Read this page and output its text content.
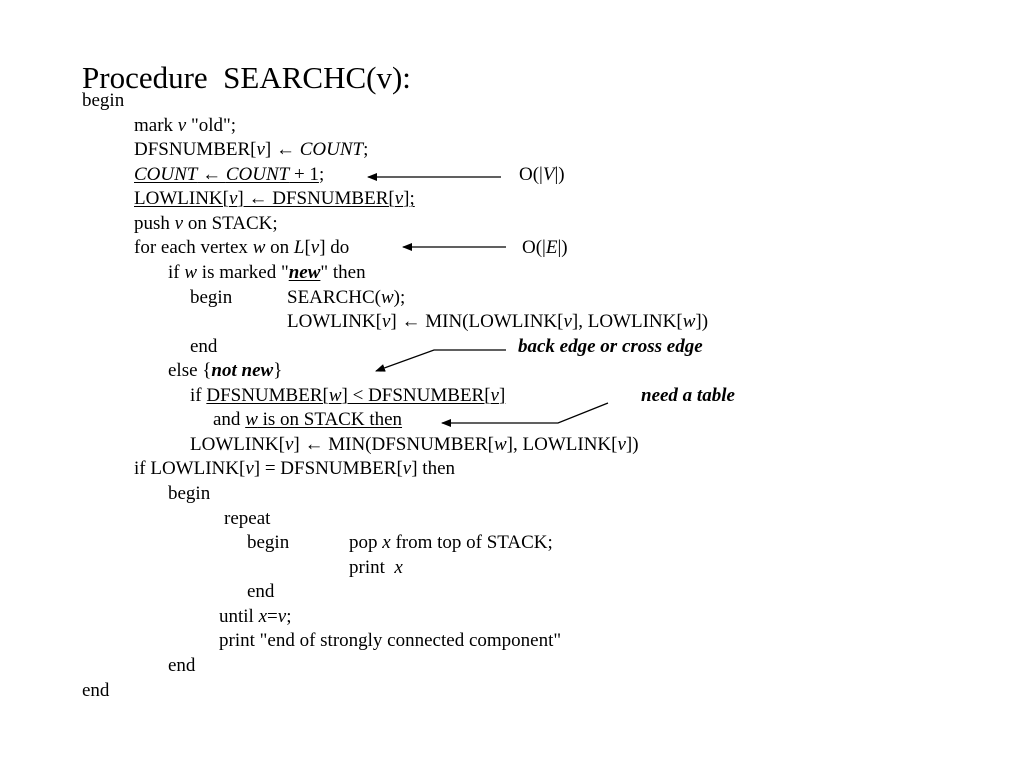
Procedure  SEARCHC(v):
begin
mark v "old";
DFSNUMBER[v] ← COUNT;
COUNT ← COUNT + 1;
LOWLINK[v] ← DFSNUMBER[v];
push v on STACK;
for each vertex w on L[v] do
if w is marked "new" then
begin	SEARCHC(w);
LOWLINK[v] ← MIN(LOWLINK[v], LOWLINK[w])
end
else {not new}
if DFSNUMBER[w] < DFSNUMBER[v]
and w is on STACK then
LOWLINK[v] ← MIN(DFSNUMBER[w], LOWLINK[v])
if LOWLINK[v] = DFSNUMBER[v] then
begin
repeat
begin	pop x from top of STACK;
print  x
end
until x=v;
print "end of strongly connected component"
end
end
O(|V|)
O(|E|)
back edge or cross edge
need a table
